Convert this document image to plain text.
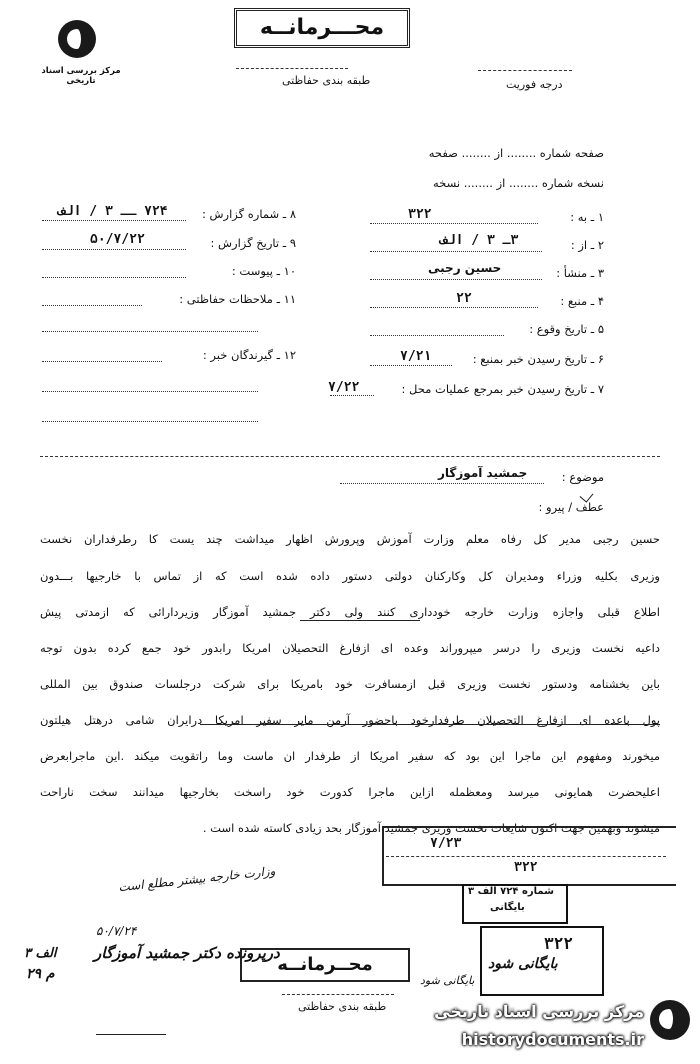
مرکز بررسی اسناد تاریخی
محـــرمانــه
طبقه بندی حفاظتی	درجه فوریت
صفحه شماره ........ از ........ صفحه
نسخه شماره ........ از ........ نسخه
۱ ـ به :
۳۲۲
۲ ـ از :
۳ـ ۳ / الف
۳ ـ منشأ :
حسین رجبی
۴ ـ منبع :
۲۲
۵ ـ تاریخ وقوع :
۶ ـ تاریخ رسیدن خبر بمنبع :
۷/۲۱
۷ ـ تاریخ رسیدن خبر بمرجع عملیات محل :
۷/۲۲
۸ ـ شماره گزارش :
۷۲۴ ــ ۳ / الف
۹ ـ تاریخ گزارش :
۵۰/۷/۲۲
۱۰ ـ پیوست :
۱۱ ـ ملاحظات حفاظتی :
۱۲ ـ گیرندگان خبر :
موضوع :
جمشید آموزگار
عطف / پیرو :
حسین رجبی مدیر کل رفاه معلم وزارت آموزش وپرورش اظهار میداشت چند یست کا رطرفداران نخست
وزیری بکلیه وزراء ومدیران کل وکارکنان دولتی دستور داده شده است که از تماس با خارجیها بـــدون
اطلاع قبلی واجازه وزارت خارجه خودداری کنند ولی دکتر جمشید آموزگار وزیردارائی که ازمدتی پیش
داعیه نخست وزیری را درسر میپروراند وعده ای ازفارغ التحصیلان امریکا رابدور خود جمع کرده بدون توجه
باین بخشنامه ودستور نخست وزیری قبل ازمسافرت خود بامریکا برای شرکت درجلسات صندوق بین المللی
پول باعده ای ازفارغ التحصیلان طرفدارخود باحضور آرمن مایر سفیر امریکا درایران شامی درهتل هیلتون
میخورند ومفهوم این ماجرا این بود که سفیر امریکا از طرفدار ان ماست وما راتقویت میکند .این ماجرابعرض
اعلیحضرت همایونی میرسد ومعظمله ازاین ماجرا کدورت خود راسخت بخارجیها میدانند سخت ناراحت
میشوند وبهمین جهت اکنون شایعات نخست وزیری جمشید آموزگار بحد زیادی کاسته شده است .
۷/۲۳
۳۲۲
وزارت خارجه بیشتر مطلع است
۵۰/۷/۲۴
شماره ۷۲۴ الف ۳
بایگانی
درپرونده دکتر جمشید آموزگار
الف ۳
۲۹ م	محــرمانــه
طبقه بندی حفاظتی
۳۲۲
بایگانی شود
بایگانی شود
مرکز بررسی اسناد تاریخی
historydocuments.ir
